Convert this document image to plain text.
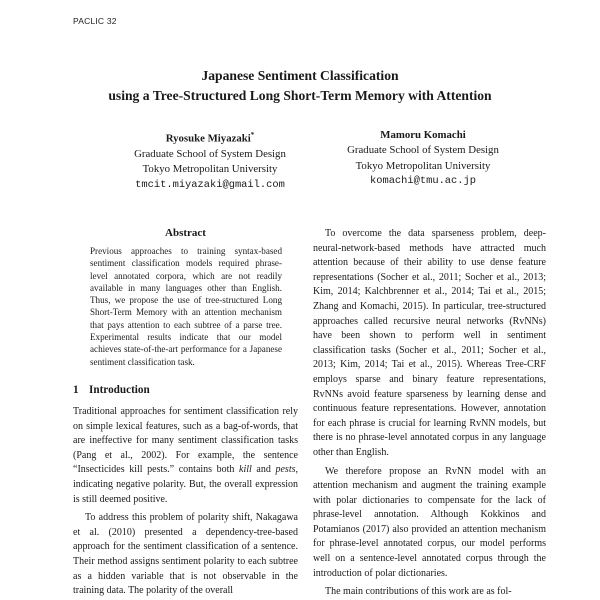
PACLIC 32
Japanese Sentiment Classification
using a Tree-Structured Long Short-Term Memory with Attention
Ryosuke Miyazaki*
Graduate School of System Design
Tokyo Metropolitan University
tmcit.miyazaki@gmail.com
Mamoru Komachi
Graduate School of System Design
Tokyo Metropolitan University
komachi@tmu.ac.jp
Abstract

Previous approaches to training syntax-based sentiment classification models required phrase-level annotated corpora, which are not readily available in many languages other than English. Thus, we propose the use of tree-structured Long Short-Term Memory with an attention mechanism that pays attention to each subtree of a parse tree. Experimental results indicate that our model achieves state-of-the-art performance for a Japanese sentiment classification task.

1 Introduction

Traditional approaches for sentiment classification rely on simple lexical features, such as a bag-of-words, that are ineffective for many sentiment classification tasks (Pang et al., 2002). For example, the sentence “Insecticides kill pests.” contains both kill and pests, indicating negative polarity. But, the overall expression is still deemed positive.

To address this problem of polarity shift, Nakagawa et al. (2010) presented a dependency-tree-based approach for the sentiment classification of a sentence. Their method assigns sentiment polarity to each subtree as a hidden variable that is not observable in the training data. The polarity of the overall

To overcome the data sparseness problem, deep-neural-network-based methods have attracted much attention because of their ability to use dense feature representations (Socher et al., 2011; Socher et al., 2013; Kim, 2014; Kalchbrenner et al., 2014; Tai et al., 2015; Zhang and Komachi, 2015). In particular, tree-structured approaches called recursive neural networks (RvNNs) have been shown to perform well in sentiment classification tasks (Socher et al., 2011; Socher et al., 2013; Kim, 2014; Tai et al., 2015). Whereas Tree-CRF employs sparse and binary feature representations, RvNNs avoid feature sparseness by learning dense and continuous feature representations. However, annotation for each phrase is crucial for learning RvNN models, but there is no phrase-level annotated corpus in any language other than English.

We therefore propose an RvNN model with an attention mechanism and augment the training example with polar dictionaries to compensate for the lack of phrase-level annotation. Although Kokkinos and Potamianos (2017) also provided an attention mechanism for phrase-level annotated corpus, our model performs well on a sentence-level annotated corpus through the introduction of polar dictionaries.

The main contributions of this work are as fol-
